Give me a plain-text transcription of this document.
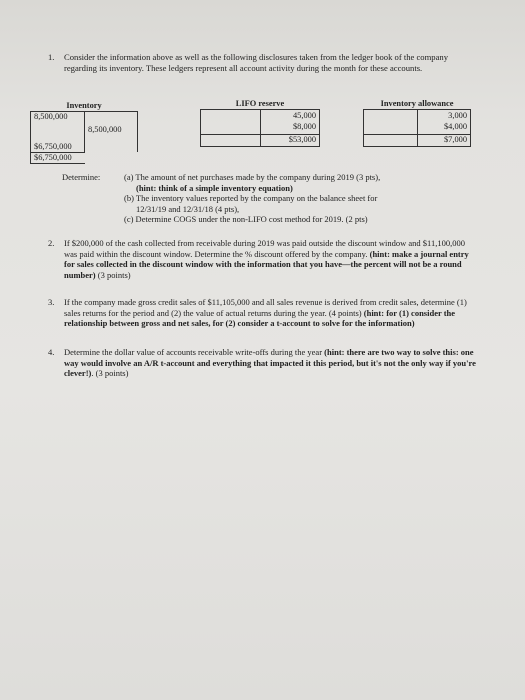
1. Consider the information above as well as the following disclosures taken from the ledger book of the company regarding its inventory. These ledgers represent all account activity during the month for these accounts.
Inventory
8,500,000
8,500,000
$6,750,000
$6,750,000
LIFO reserve
45,000
$8,000
$53,000
Inventory allowance
3,000
$4,000
$7,000
Determine:	(a) The amount of net purchases made by the company during 2019 (3 pts),
(hint: think of a simple inventory equation)
(b) The inventory values reported by the company on the balance sheet for
12/31/19 and 12/31/18 (4 pts),
(c) Determine COGS under the non-LIFO cost method for 2019. (2 pts)
2. If $200,000 of the cash collected from receivable during 2019 was paid outside the discount window and $11,100,000 was paid within the discount window. Determine the % discount offered by the company. (hint: make a journal entry for sales collected in the discount window with the information that you have—the percent will not be a round number) (3 points)
3. If the company made gross credit sales of $11,105,000 and all sales revenue is derived from credit sales, determine (1) sales returns for the period and (2) the value of actual returns during the year. (4 points) (hint: for (1) consider the relationship between gross and net sales, for (2) consider a t-account to solve for the information)
4. Determine the dollar value of accounts receivable write-offs during the year (hint: there are two way to solve this: one way would involve an A/R t-account and everything that impacted it this period, but it's not the only way if you're clever!). (3 points)
